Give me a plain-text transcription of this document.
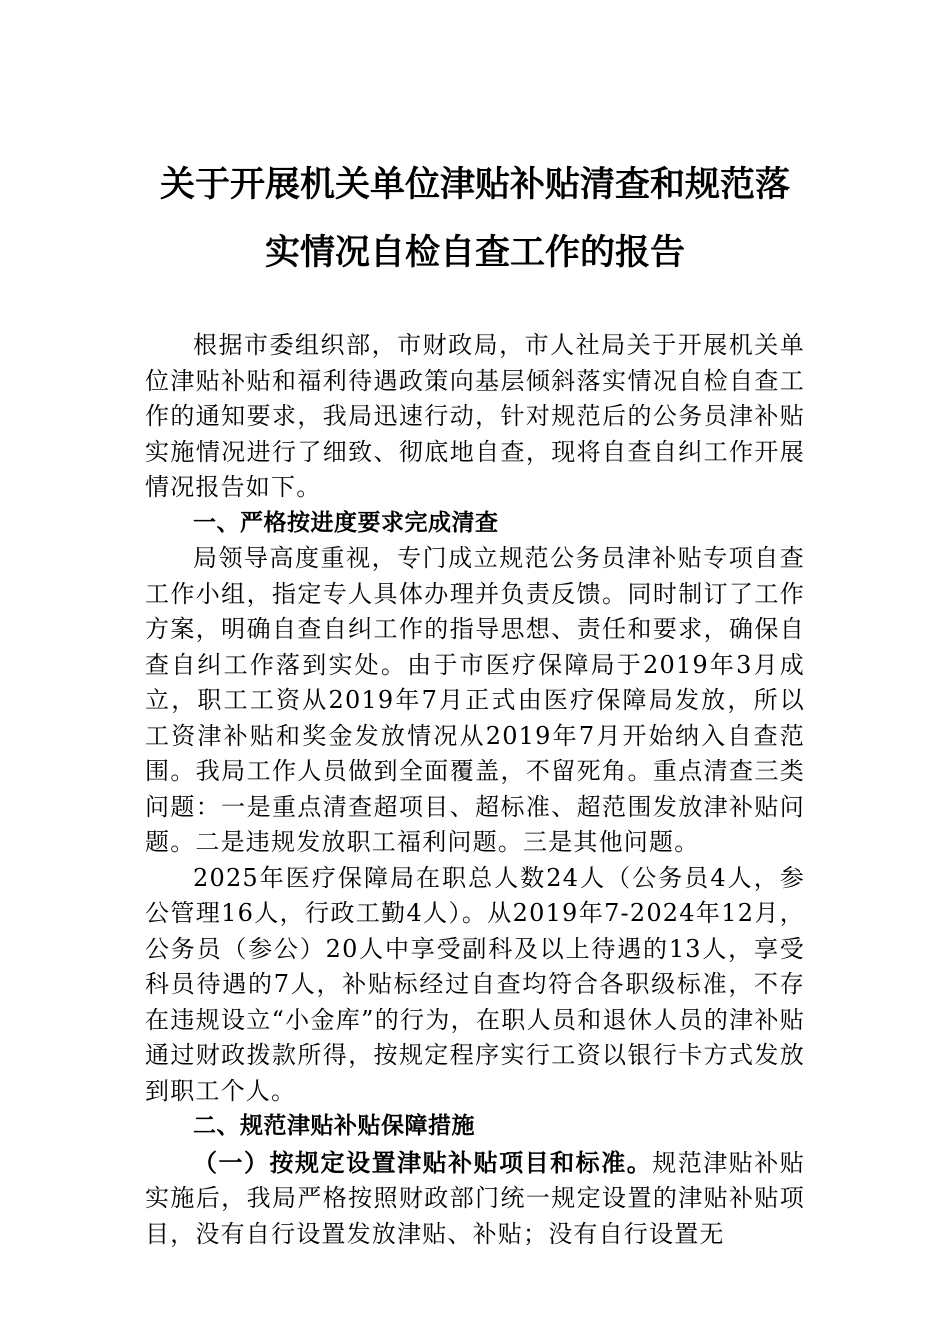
关于开展机关单位津贴补贴清查和规范落
实情况自检自查工作的报告

根据市委组织部，市财政局，市人社局关于开展机关单位津贴补贴和福利待遇政策向基层倾斜落实情况自检自查工作的通知要求，我局迅速行动，针对规范后的公务员津补贴实施情况进行了细致、彻底地自查，现将自查自纠工作开展情况报告如下。

一、严格按进度要求完成清查

局领导高度重视，专门成立规范公务员津补贴专项自查工作小组，指定专人具体办理并负责反馈。同时制订了工作方案，明确自查自纠工作的指导思想、责任和要求，确保自查自纠工作落到实处。由于市医疗保障局于2019年3月成立，职工工资从2019年7月正式由医疗保障局发放，所以工资津补贴和奖金发放情况从2019年7月开始纳入自查范围。我局工作人员做到全面覆盖，不留死角。重点清查三类问题：一是重点清查超项目、超标准、超范围发放津补贴问题。二是违规发放职工福利问题。三是其他问题。

2025年医疗保障局在职总人数24人（公务员4人，参公管理16人，行政工勤4人）。从2019年7-2024年12月，公务员（参公）20人中享受副科及以上待遇的13人，享受科员待遇的7人，补贴标经过自查均符合各职级标准，不存在违规设立“小金库”的行为，在职人员和退休人员的津补贴通过财政拨款所得，按规定程序实行工资以银行卡方式发放到职工个人。

二、规范津贴补贴保障措施

（一）按规定设置津贴补贴项目和标准。规范津贴补贴实施后，我局严格按照财政部门统一规定设置的津贴补贴项目，没有自行设置发放津贴、补贴；没有自行设置无
